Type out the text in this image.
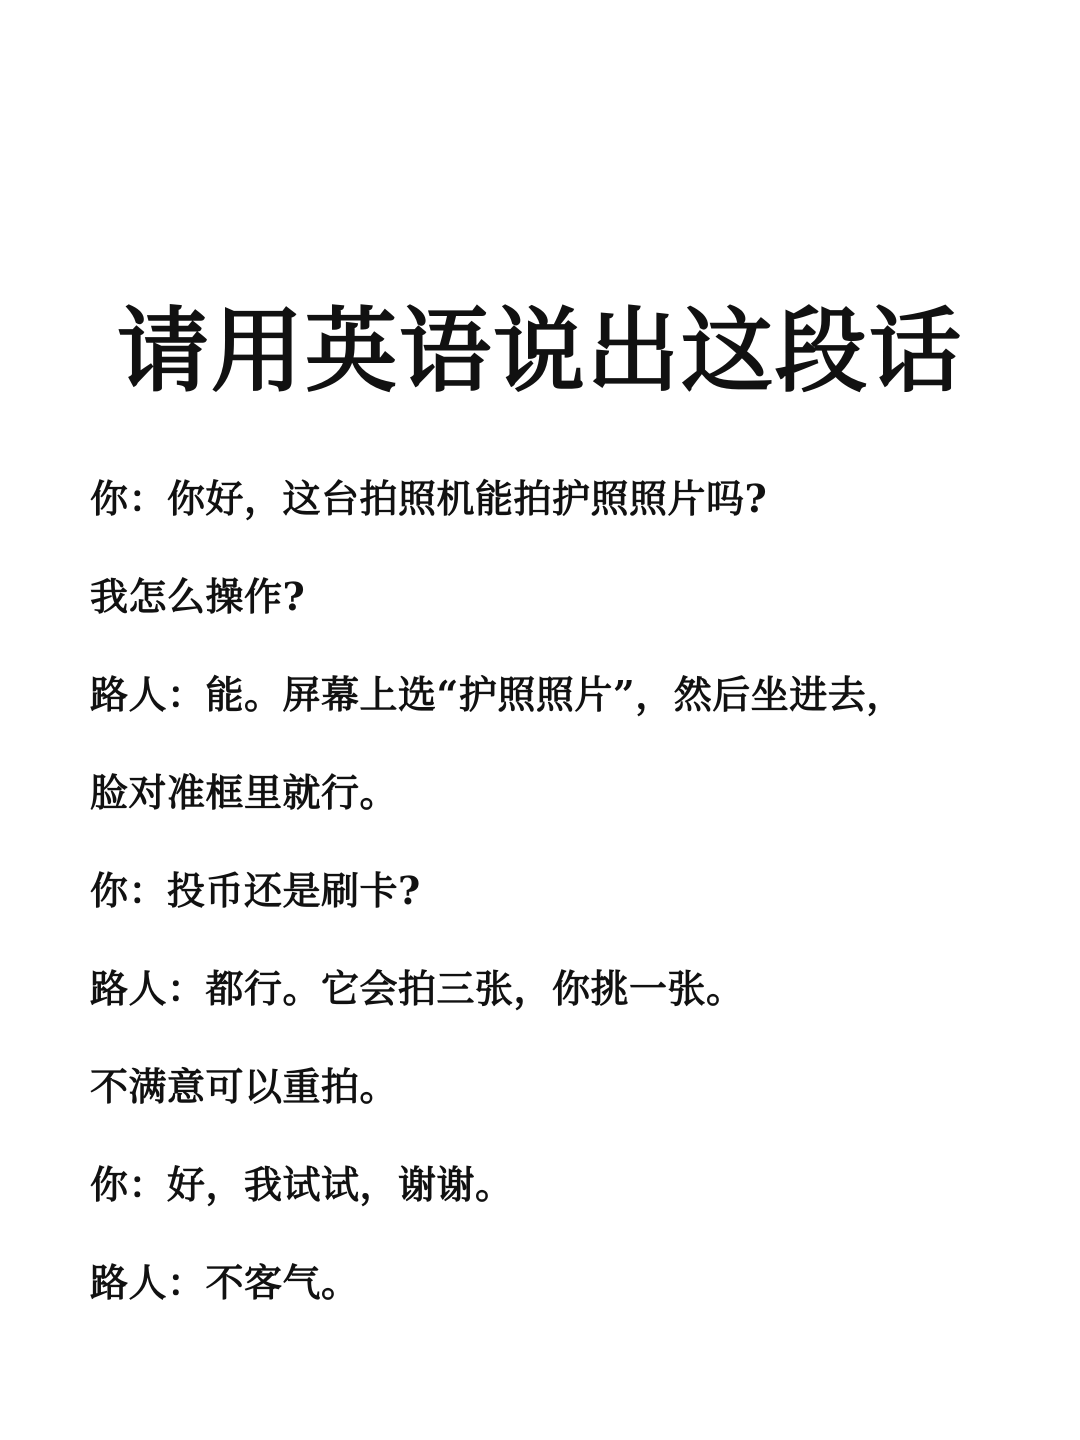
请用英语说出这段话
你：你好，这台拍照机能拍护照照片吗?
我怎么操作?
路人：能。屏幕上选“护照照片”，然后坐进去，
脸对准框里就行。
你：投币还是刷卡?
路人：都行。它会拍三张，你挑一张。
不满意可以重拍。
你：好，我试试，谢谢。
路人：不客气。
